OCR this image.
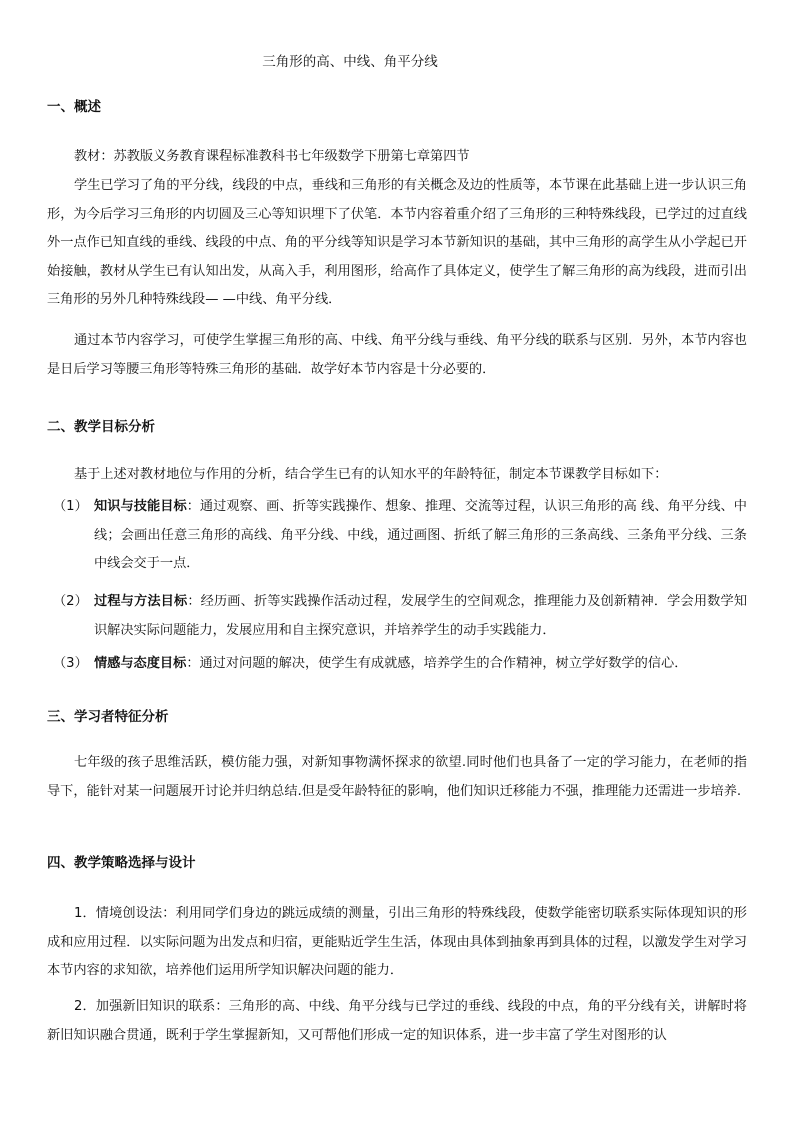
三角形的高、中线、角平分线
一、概述

教材：苏教版义务教育课程标准教科书七年级数学下册第七章第四节

学生已学习了角的平分线，线段的中点，垂线和三角形的有关概念及边的性质等，本节课在此基础上进一步认识三角形，为今后学习三角形的内切圆及三心等知识埋下了伏笔．本节内容着重介绍了三角形的三种特殊线段，已学过的过直线外一点作已知直线的垂线、线段的中点、角的平分线等知识是学习本节新知识的基础，其中三角形的高学生从小学起已开始接触，教材从学生已有认知出发，从高入手，利用图形，给高作了具体定义，使学生了解三角形的高为线段，进而引出三角形的另外几种特殊线段— —中线、角平分线．

通过本节内容学习，可使学生掌握三角形的高、中线、角平分线与垂线、角平分线的联系与区别．另外，本节内容也是日后学习等腰三角形等特殊三角形的基础．故学好本节内容是十分必要的．

二、教学目标分析

基于上述对教材地位与作用的分析，结合学生已有的认知水平的年龄特征，制定本节课教学目标如下：

（1） 知识与技能目标：通过观察、画、折等实践操作、想象、推理、交流等过程，认识三角形的高 线、角平分线、中线；会画出任意三角形的高线、角平分线、中线，通过画图、折纸了解三角形的三条高线、三条角平分线、三条中线会交于一点．

（2） 过程与方法目标：经历画、折等实践操作活动过程，发展学生的空间观念，推理能力及创新精神．学会用数学知识解决实际问题能力，发展应用和自主探究意识，并培养学生的动手实践能力．

（3） 情感与态度目标：通过对问题的解决，使学生有成就感，培养学生的合作精神，树立学好数学的信心．

三、学习者特征分析

七年级的孩子思维活跃，模仿能力强，对新知事物满怀探求的欲望.同时他们也具备了一定的学习能力，在老师的指导下，能针对某一问题展开讨论并归纳总结.但是受年龄特征的影响，他们知识迁移能力不强，推理能力还需进一步培养.

四、教学策略选择与设计

1．情境创设法：利用同学们身边的跳远成绩的测量，引出三角形的特殊线段，使数学能密切联系实际体现知识的形成和应用过程．以实际问题为出发点和归宿，更能贴近学生生活，体现由具体到抽象再到具体的过程，以激发学生对学习本节内容的求知欲，培养他们运用所学知识解决问题的能力．

2．加强新旧知识的联系：三角形的高、中线、角平分线与已学过的垂线、线段的中点，角的平分线有关，讲解时将新旧知识融合贯通，既利于学生掌握新知，又可帮他们形成一定的知识体系，进一步丰富了学生对图形的认
